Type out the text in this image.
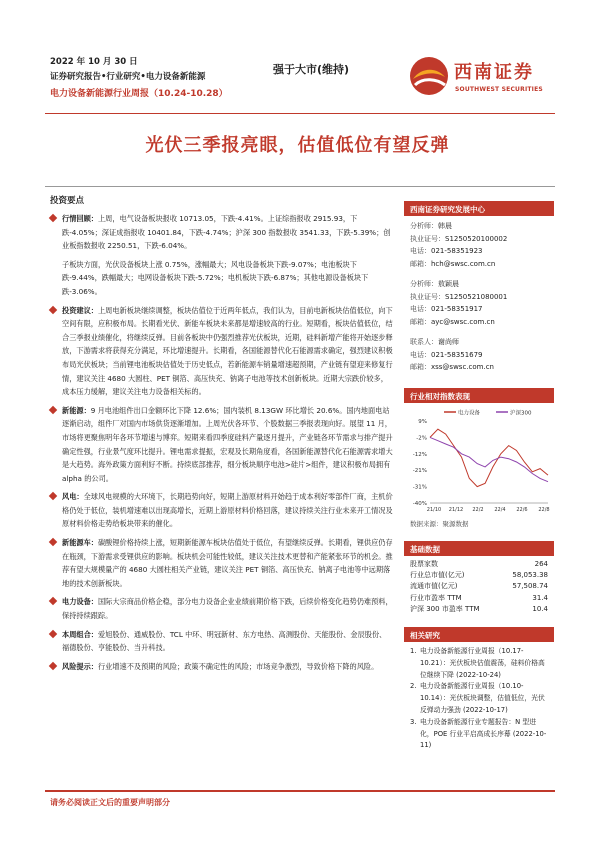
2022 年 10 月 30 日
证券研究报告•行业研究•电力设备新能源
电力设备新能源行业周报（10.24-10.28）
强于大市(维持)	西南证券
SOUTHWEST SECURITIES
光伏三季报亮眼，估值低位有望反弹
投资要点
行情回顾：上周，电气设备板块报收 10713.05，下跌-4.41%。上证综指报收 2915.93，下跌-4.05%；深证成指报收 10401.84，下跌-4.74%；沪深 300 指数报收 3541.33，下跌-5.39%；创业板指数报收 2250.51，下跌-6.04%。
子板块方面，光伏设备板块上涨 0.75%，涨幅最大；风电设备板块下跌-9.07%；电池板块下跌-9.44%，跌幅最大；电网设备板块下跌-5.72%；电机板块下跌-6.87%；其他电源设备板块下跌-3.06%。
投资建议：上周电新板块继续调整，板块估值位于近两年低点，我们认为，目前电新板块估值低位，向下空间有限，应积极布局。长期看光伏、新能车板块未来都是增速较高的行业。短期看，板块估值低位，结合三季报业绩催化，将继续反弹。目前各板块中仍强烈推荐光伏板块，近期，硅料新增产能将开始逐步释放，下游需求将获得充分满足，环比增速提升。长期看，各国能源替代化石能源需求确定，强烈建议积极布局光伏板块；当前锂电池板块估值处于历史低点，若新能源车销量增速超预期，产业链有望迎来修复行情，建议关注 4680 大圆柱、PET 铜箔、高压快充、钠离子电池等技术创新板块。近期大宗跌价较多，成本压力缓解，建议关注电力设备相关标的。
新能源：9 月电池组件出口金额环比下降 12.6%；国内装机 8.13GW 环比增长 20.6%。国内地面电站逐渐启动，组件厂对国内市场供货逐渐增加。上周光伏各环节、个股数据三季报表现向好。展望 11 月，市场将更聚焦明年各环节增速与博弈。短期来看四季度硅料产量逐月提升，产业链各环节需求与排产提升确定性强，行业景气度环比提升。锂电需求提振，宏观及长期角度看，各国新能源替代化石能源需求增大是大趋势。海外政策方面利好不断。持续底部推荐，细分板块顺序电池>硅片>组件，建议积极布局拥有 alpha 的公司。
风电：全球风电规模的大环境下，长期趋势向好，短期上游原材料开始趋于成本利好零部件厂商，主机价格仍处于低位，装机增速难以出现高增长，近期上游原材料价格回落，建议持续关注行业未来开工情况及原材料价格走势给板块带来的催化。
新能源车：碳酸锂价格持续上涨，短期新能源车板块估值处于低位，有望继续反弹。长期看，锂供应仍存在瓶颈，下游需求受锂供应的影响。板块机会可能性较低，建议关注技术更替和产能紧张环节的机会。推荐有望大规模量产的 4680 大圆柱相关产业链，建议关注 PET 铜箔、高压快充、钠离子电池等中远期落地的技术创新板块。
电力设备：国际大宗商品价格企稳，部分电力设备企业业绩前期价格下跌，后续价格变化趋势仍难预料，保持持续跟踪。
本周组合：爱旭股份、通威股份、TCL 中环、明冠新材、东方电热、高测股份、天能股份、金辰股份、福德股份、亨能股份、当升科技。
风险提示：行业增速不及预期的风险；政策不确定性的风险；市场竞争激烈，导致价格下降的风险。
西南证券研究发展中心
分析师：韩晨
执业证号：S1250520100002
电话：021-58351923
邮箱：hch@swsc.com.cn
分析师：敖颖晨
执业证号：S1250521080001
电话：021-58351917
邮箱：ayc@swsc.com.cn
联系人：谢尚师
电话：021-58351679
邮箱：xss@swsc.com.cn
行业相对指数表现
电力设备	沪深300
9%
-2%
-12%
-21%
-31%
-40%
21/10 21/12 22/2 22/4 22/6 22/8
数据来源：聚源数据
基础数据
股票家数	264
行业总市值(亿元)	58,053.38
流通市值(亿元)	57,508.74
行业市盈率 TTM	31.4
沪深 300 市盈率 TTM	10.4
相关研究
1. 电力设备新能源行业周报（10.17-10.21）：光伏板块估值震荡，硅料价格高位继续下降 (2022-10-24)
2. 电力设备新能源行业周报（10.10-10.14）：光伏板块调整，估值低位，光伏反弹动力强劲 (2022-10-17)
3. 电力设备新能源行业专题报告：N 型进化，POE 行业平启高成长序幕 (2022-10-11)
请务必阅读正文后的重要声明部分
